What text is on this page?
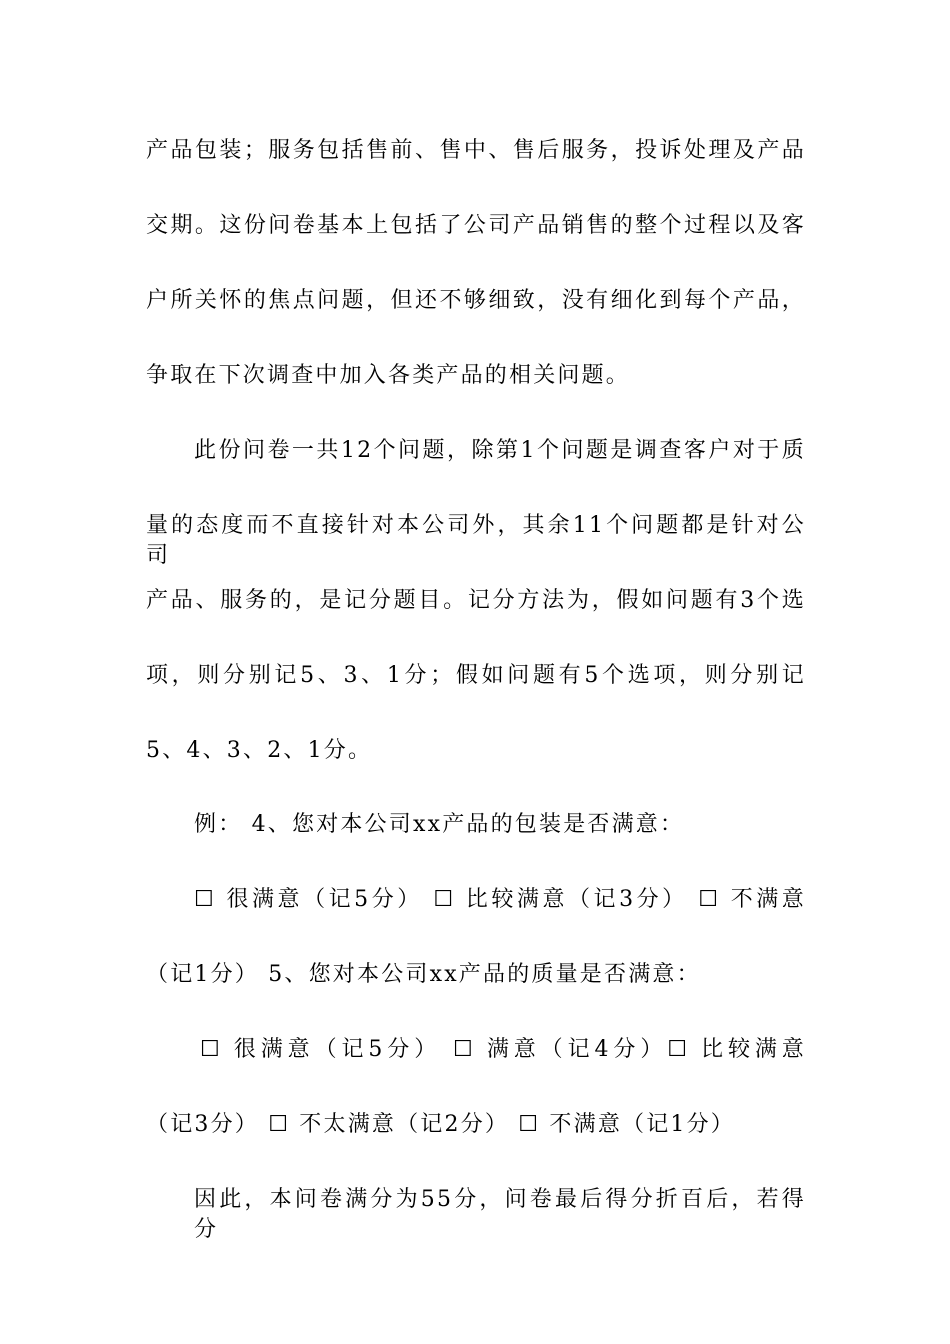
产品包装；服务包括售前、售中、售后服务，投诉处理及产品
交期。这份问卷基本上包括了公司产品销售的整个过程以及客
户所关怀的焦点问题，但还不够细致，没有细化到每个产品，
争取在下次调查中加入各类产品的相关问题。
此份问卷一共12个问题，除第1个问题是调查客户对于质
量的态度而不直接针对本公司外，其余11个问题都是针对公司
产品、服务的，是记分题目。记分方法为，假如问题有3个选
项，则分别记5、3、1分；假如问题有5个选项，则分别记
5、4、3、2、1分。
例： 4、您对本公司xx产品的包装是否满意：
☐ 很满意（记5分） ☐ 比较满意（记3分） ☐ 不满意
（记1分） 5、您对本公司xx产品的质量是否满意：
☐ 很满意（记5分） ☐ 满意（记4分）☐ 比较满意
（记3分） ☐ 不太满意（记2分） ☐ 不满意（记1分）
因此，本问卷满分为55分，问卷最后得分折百后，若得分
